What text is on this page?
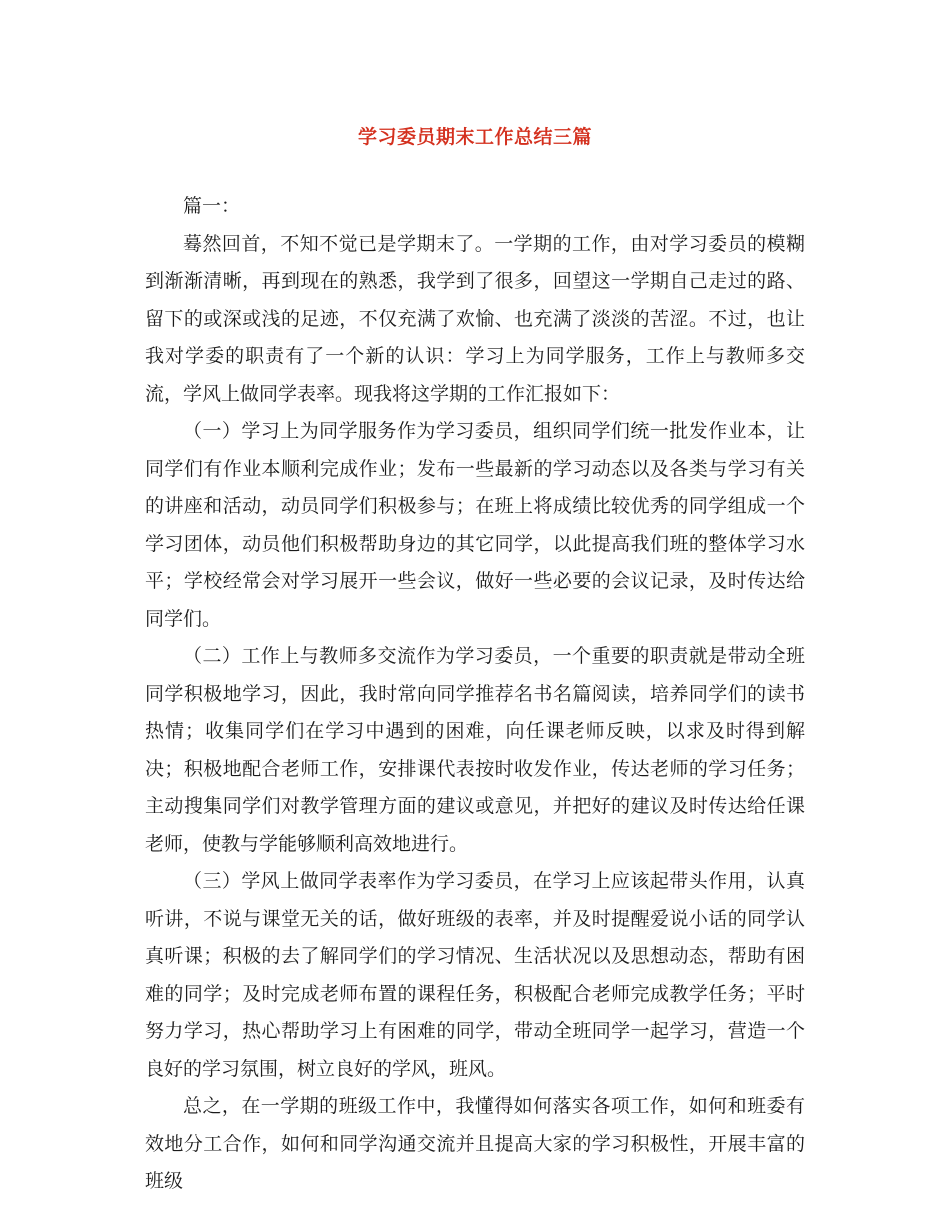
学习委员期末工作总结三篇

篇一：

蓦然回首，不知不觉已是学期末了。一学期的工作，由对学习委员的模糊到渐渐清晰，再到现在的熟悉，我学到了很多，回望这一学期自己走过的路、留下的或深或浅的足迹，不仅充满了欢愉、也充满了淡淡的苦涩。不过，也让我对学委的职责有了一个新的认识：学习上为同学服务，工作上与教师多交流，学风上做同学表率。现我将这学期的工作汇报如下：

（一）学习上为同学服务作为学习委员，组织同学们统一批发作业本，让同学们有作业本顺利完成作业；发布一些最新的学习动态以及各类与学习有关的讲座和活动，动员同学们积极参与；在班上将成绩比较优秀的同学组成一个学习团体，动员他们积极帮助身边的其它同学，以此提高我们班的整体学习水平；学校经常会对学习展开一些会议，做好一些必要的会议记录，及时传达给同学们。

（二）工作上与教师多交流作为学习委员，一个重要的职责就是带动全班同学积极地学习，因此，我时常向同学推荐名书名篇阅读，培养同学们的读书热情；收集同学们在学习中遇到的困难，向任课老师反映，以求及时得到解决；积极地配合老师工作，安排课代表按时收发作业，传达老师的学习任务；主动搜集同学们对教学管理方面的建议或意见，并把好的建议及时传达给任课老师，使教与学能够顺利高效地进行。

（三）学风上做同学表率作为学习委员，在学习上应该起带头作用，认真听讲，不说与课堂无关的话，做好班级的表率，并及时提醒爱说小话的同学认真听课；积极的去了解同学们的学习情况、生活状况以及思想动态，帮助有困难的同学；及时完成老师布置的课程任务，积极配合老师完成教学任务；平时努力学习，热心帮助学习上有困难的同学，带动全班同学一起学习，营造一个良好的学习氛围，树立良好的学风，班风。

总之，在一学期的班级工作中，我懂得如何落实各项工作，如何和班委有效地分工合作，如何和同学沟通交流并且提高大家的学习积极性，开展丰富的班级
